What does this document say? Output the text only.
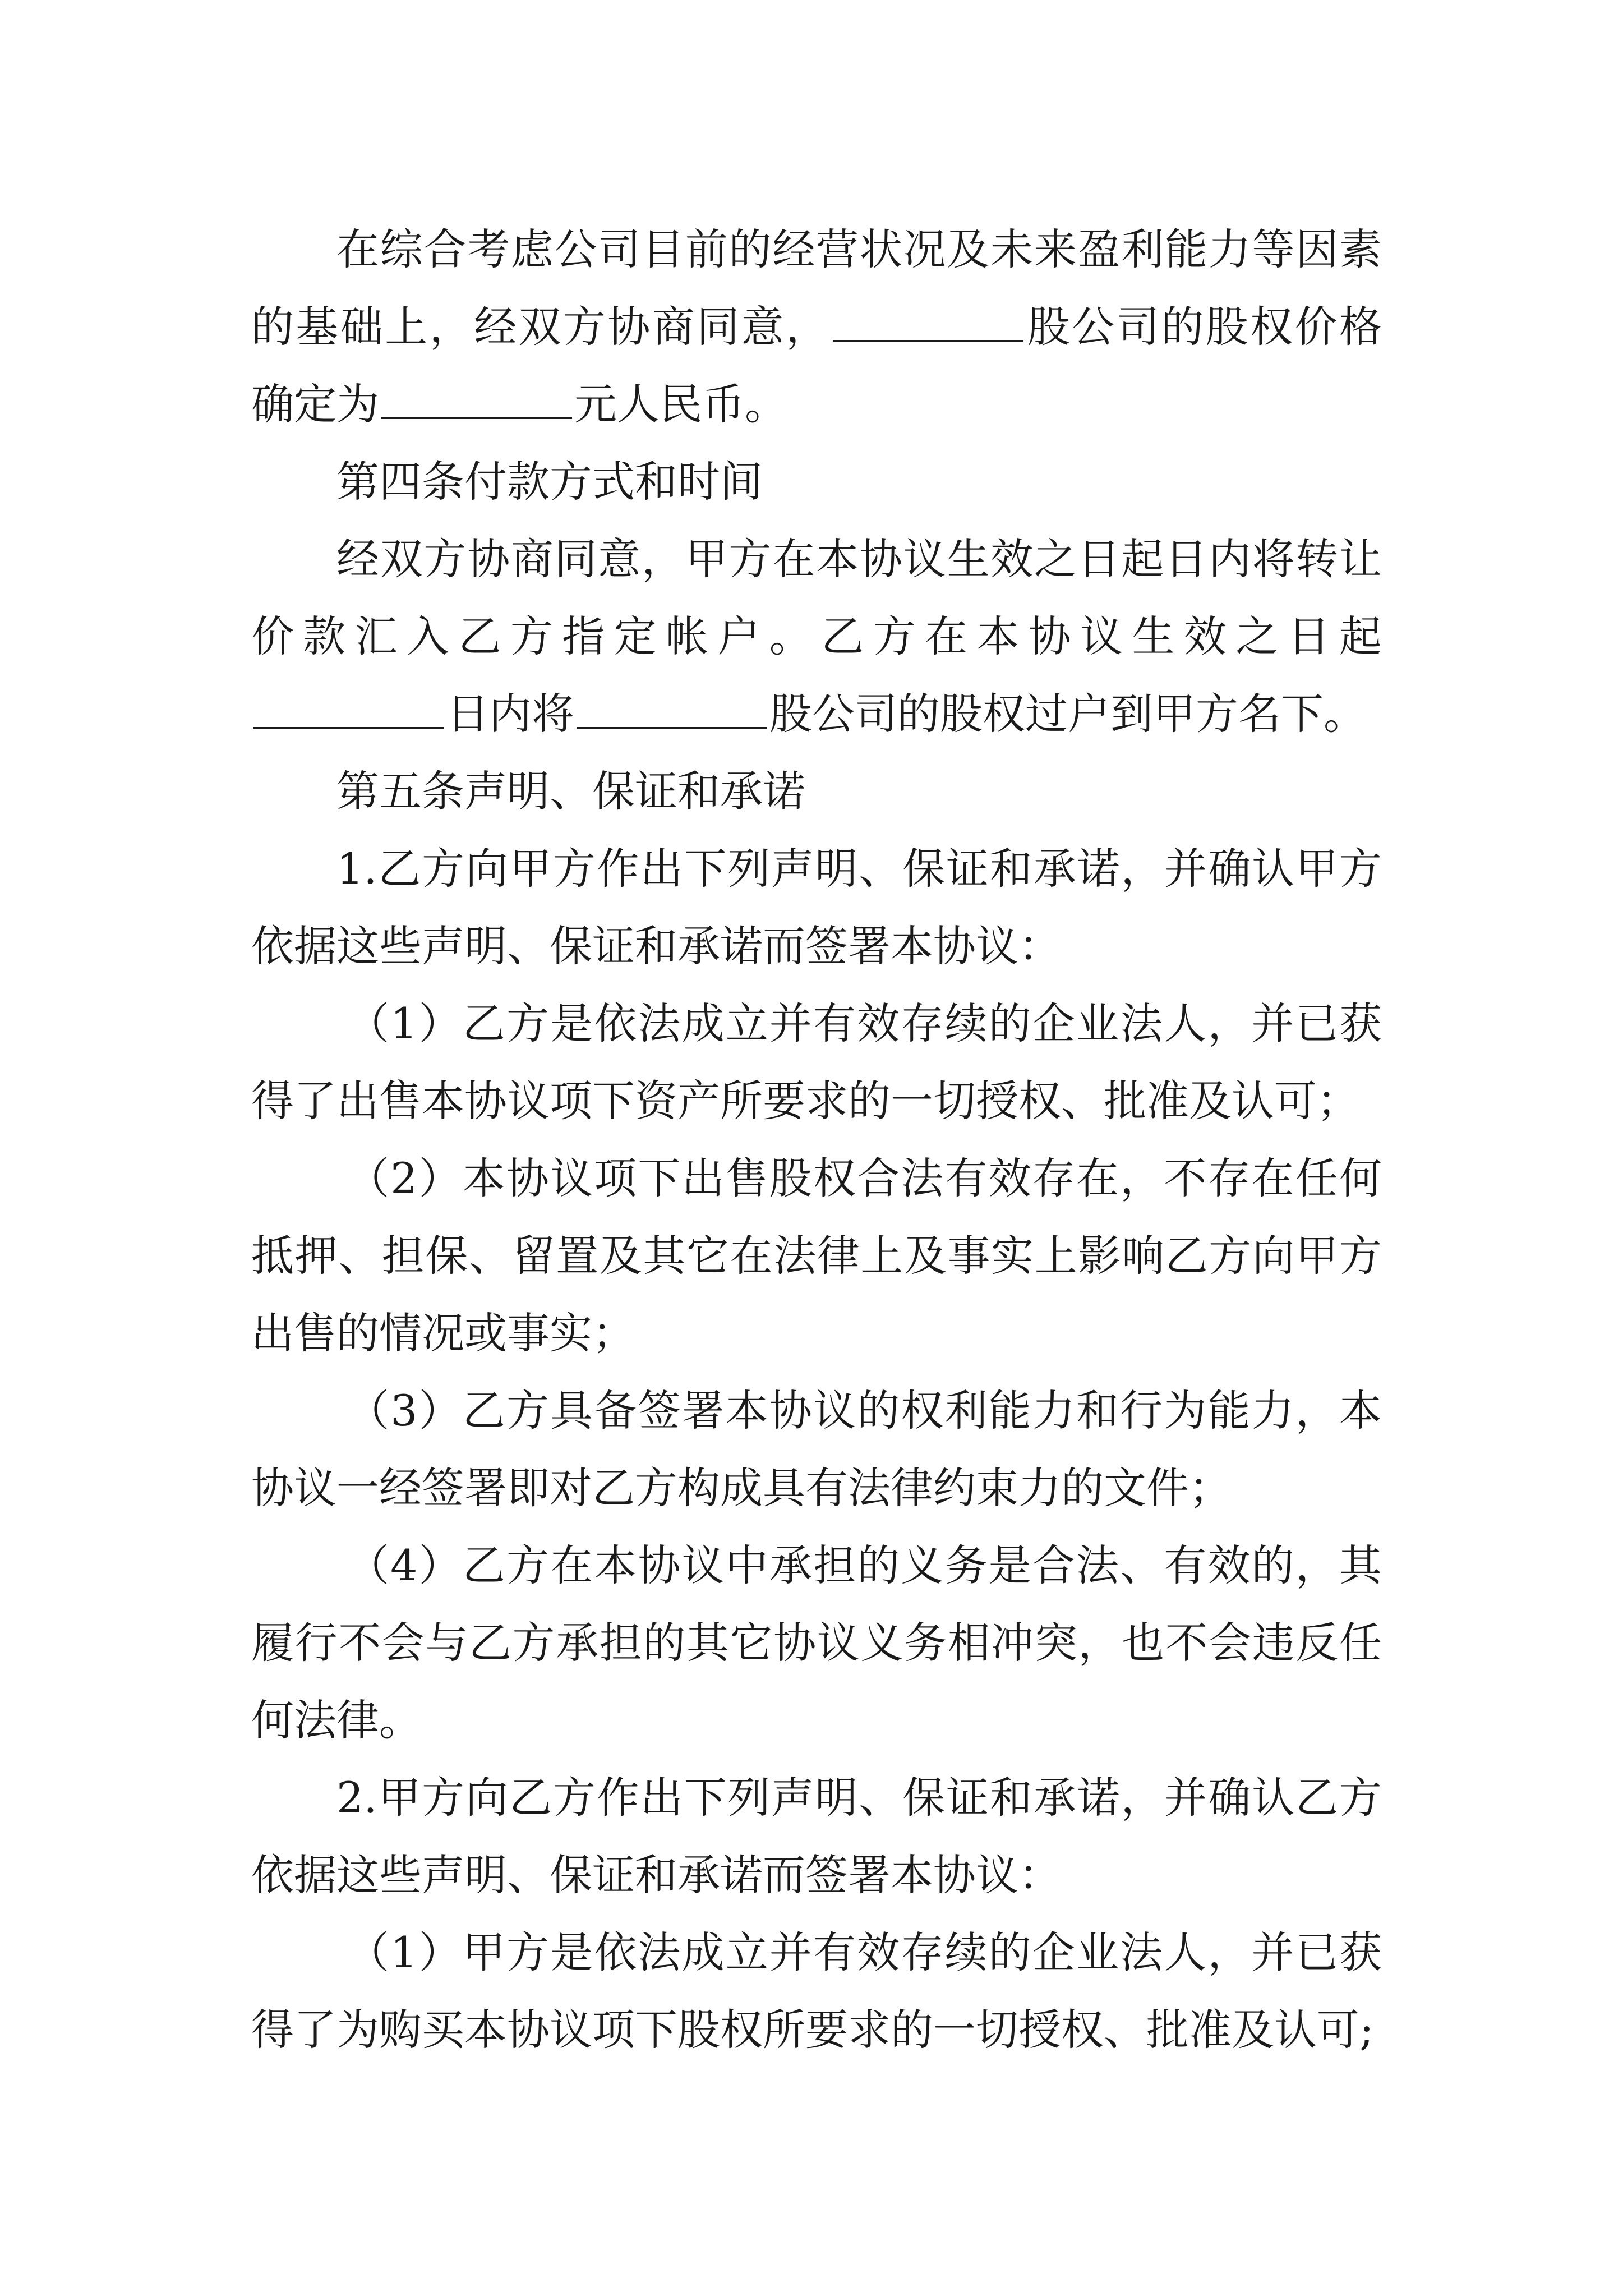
在综合考虑公司目前的经营状况及未来盈利能力等因素的基础上，经双方协商同意，	股公司的股权价格确定为	元人民币。

第四条付款方式和时间

经双方协商同意，甲方在本协议生效之日起日内将转让价款汇入乙方指定帐户。乙方在本协议生效之日起日内将	股公司的股权过户到甲方名下。

第五条声明、保证和承诺

1.乙方向甲方作出下列声明、保证和承诺，并确认甲方依据这些声明、保证和承诺而签署本协议：

（1）乙方是依法成立并有效存续的企业法人，并已获得了出售本协议项下资产所要求的一切授权、批准及认可；

（2）本协议项下出售股权合法有效存在，不存在任何抵押、担保、留置及其它在法律上及事实上影响乙方向甲方出售的情况或事实；

（3）乙方具备签署本协议的权利能力和行为能力，本协议一经签署即对乙方构成具有法律约束力的文件；

（4）乙方在本协议中承担的义务是合法、有效的，其履行不会与乙方承担的其它协议义务相冲突，也不会违反任何法律。

2.甲方向乙方作出下列声明、保证和承诺，并确认乙方依据这些声明、保证和承诺而签署本协议：

（1）甲方是依法成立并有效存续的企业法人，并已获得了为购买本协议项下股权所要求的一切授权、批准及认可;
